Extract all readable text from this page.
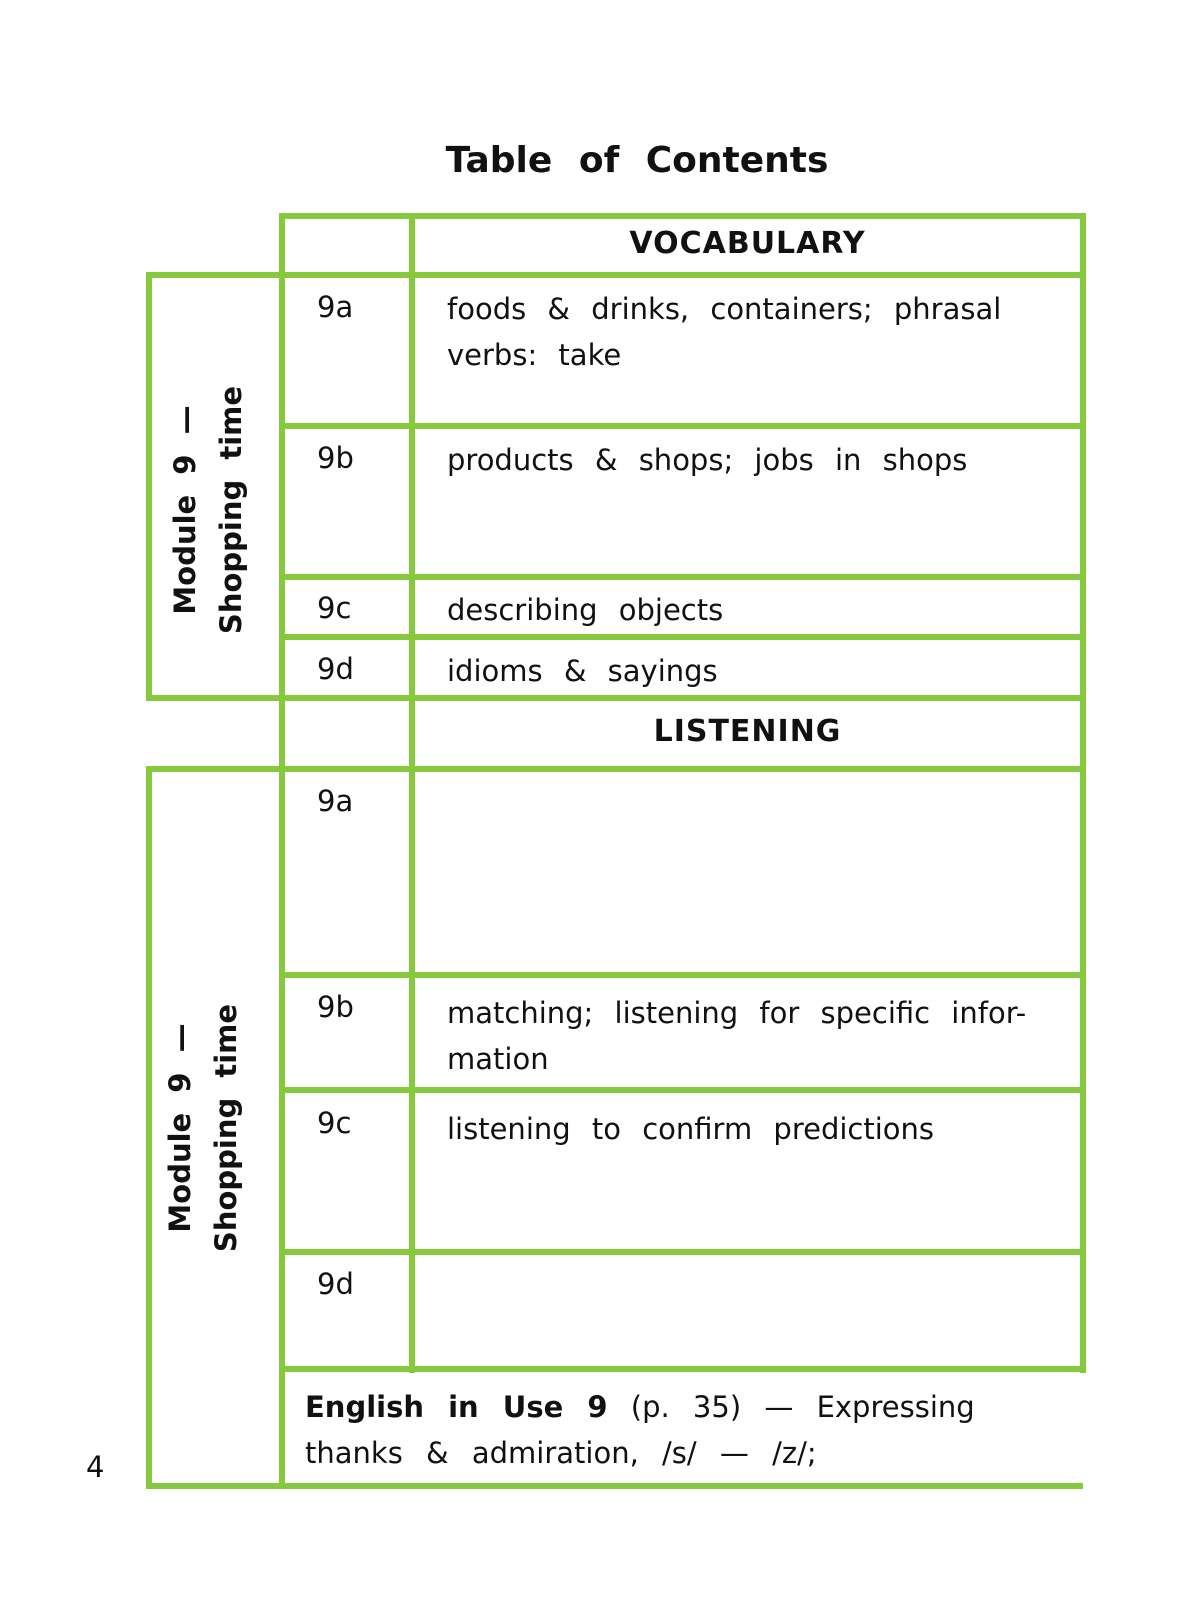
Table of Contents
VOCABULARY
Module 9 — Shopping time
9a	foods & drinks, containers; phrasal verbs: take
9b	products & shops; jobs in shops
9c	describing objects
9d	idioms & sayings
LISTENING
Module 9 — Shopping time
9a
9b	matching; listening for specific infor-mation
9c	listening to confirm predictions
9d
English in Use 9 (p. 35) — Expressing thanks & admiration, /s/ — /z/;
4
